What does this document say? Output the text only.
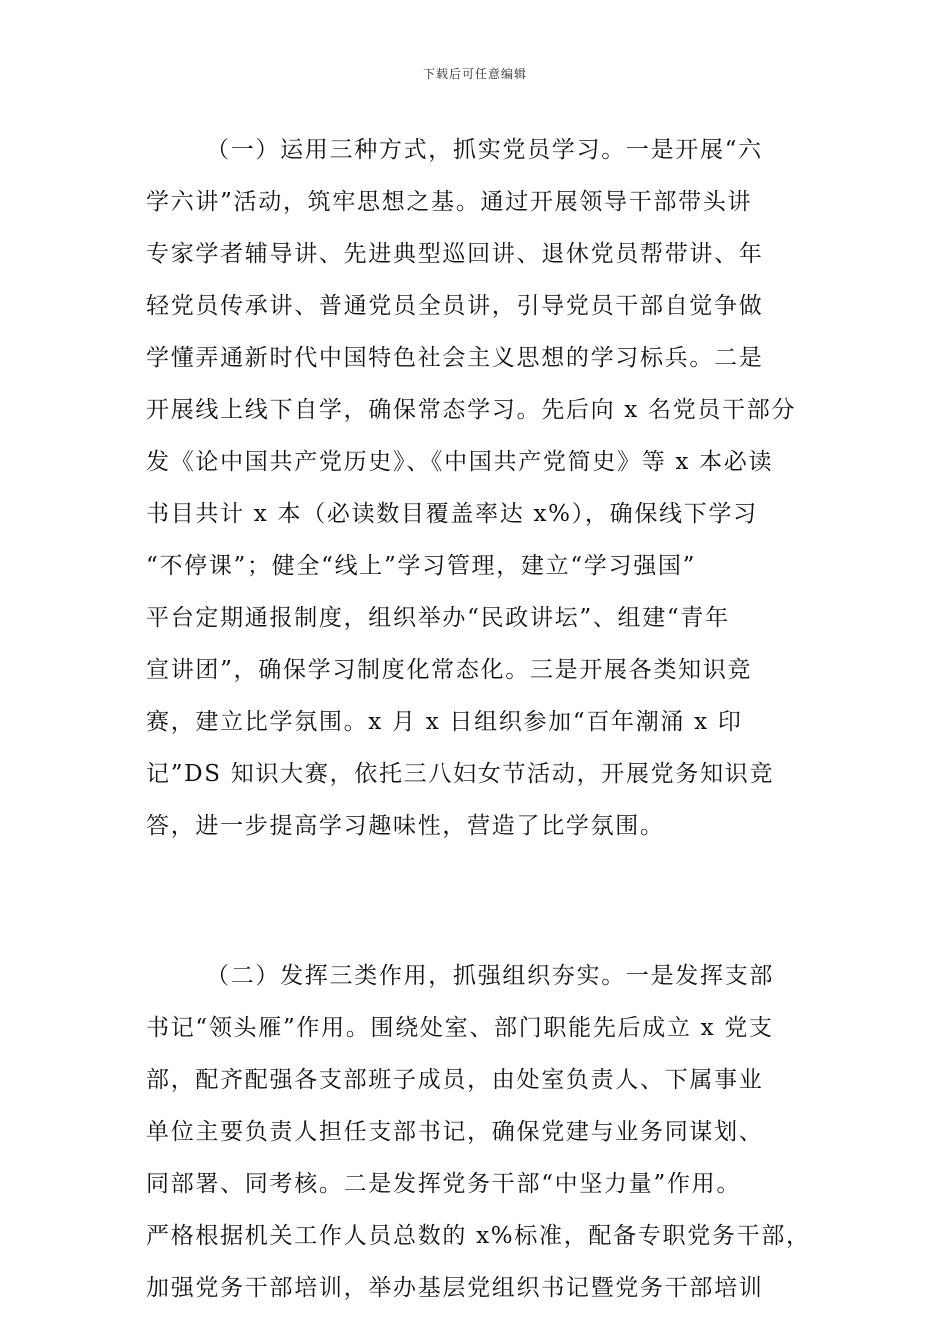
下载后可任意编辑
（一）运用三种方式，抓实党员学习。一是开展“六
学六讲”活动，筑牢思想之基。通过开展领导干部带头讲
专家学者辅导讲、先进典型巡回讲、退休党员帮带讲、年
轻党员传承讲、普通党员全员讲，引导党员干部自觉争做
学懂弄通新时代中国特色社会主义思想的学习标兵。二是
开展线上线下自学，确保常态学习。先后向 x 名党员干部分
发《论中国共产党历史》、《中国共产党简史》等 x 本必读
书目共计 x 本（必读数目覆盖率达 x%），确保线下学习
“不停课”；健全“线上”学习管理，建立“学习强国”
平台定期通报制度，组织举办“民政讲坛”、组建“青年
宣讲团”，确保学习制度化常态化。三是开展各类知识竞
赛，建立比学氛围。x 月 x 日组织参加“百年潮涌 x 印
记”DS 知识大赛，依托三八妇女节活动，开展党务知识竞
答，进一步提高学习趣味性，营造了比学氛围。
（二）发挥三类作用，抓强组织夯实。一是发挥支部
书记“领头雁”作用。围绕处室、部门职能先后成立 x 党支
部，配齐配强各支部班子成员，由处室负责人、下属事业
单位主要负责人担任支部书记，确保党建与业务同谋划、
同部署、同考核。二是发挥党务干部“中坚力量”作用。
严格根据机关工作人员总数的 x%标准，配备专职党务干部，
加强党务干部培训，举办基层党组织书记暨党务干部培训
